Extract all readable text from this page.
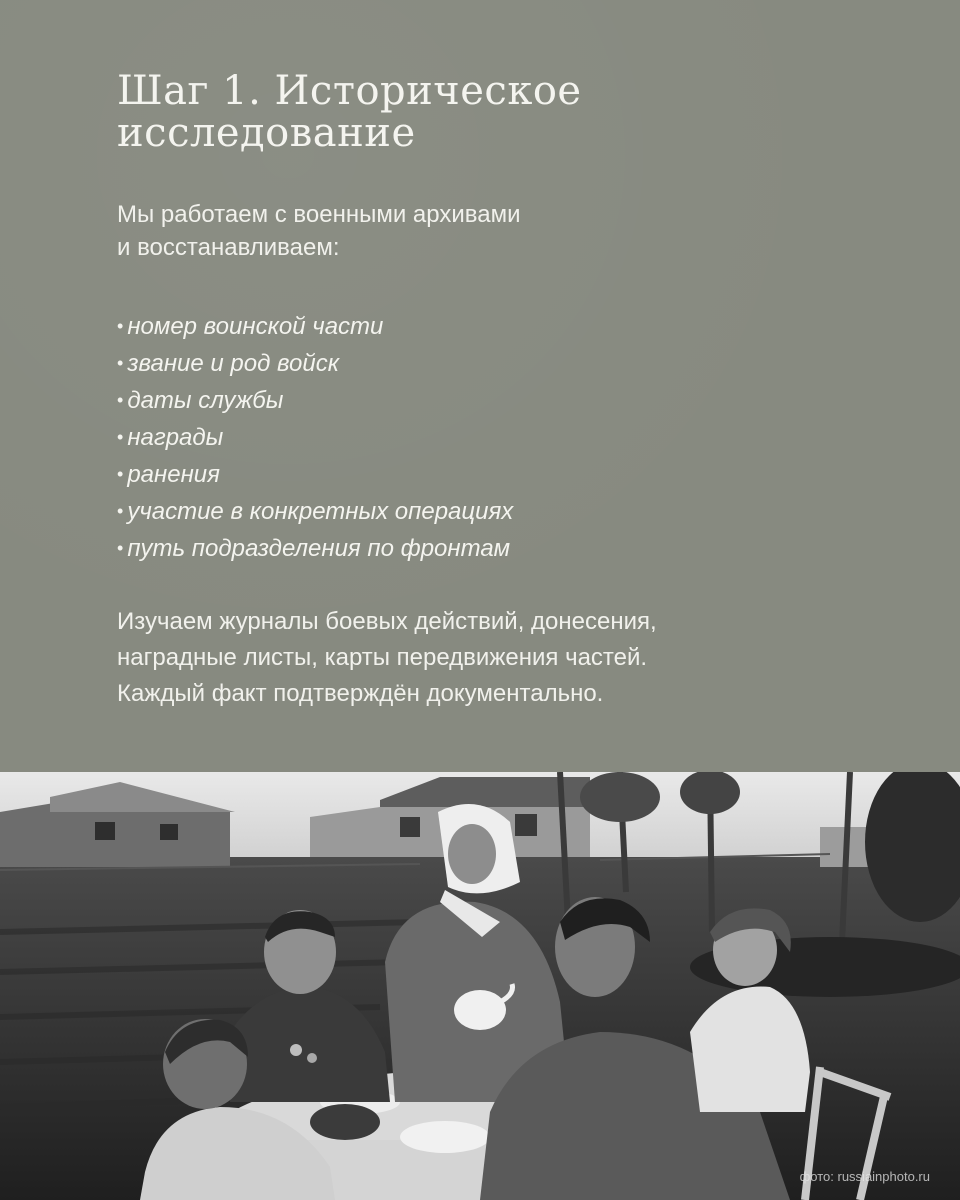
Шаг 1. Историческое
исследование

Мы работаем с военными архивами
и восстанавливаем:

• номер воинской части
• звание и род войск
• даты службы
• награды
• ранения
• участие в конкретных операциях
• путь подразделения по фронтам

Изучаем журналы боевых действий, донесения,
наградные листы, карты передвижения частей.
Каждый факт подтверждён документально.

фото: russiainphoto.ru
